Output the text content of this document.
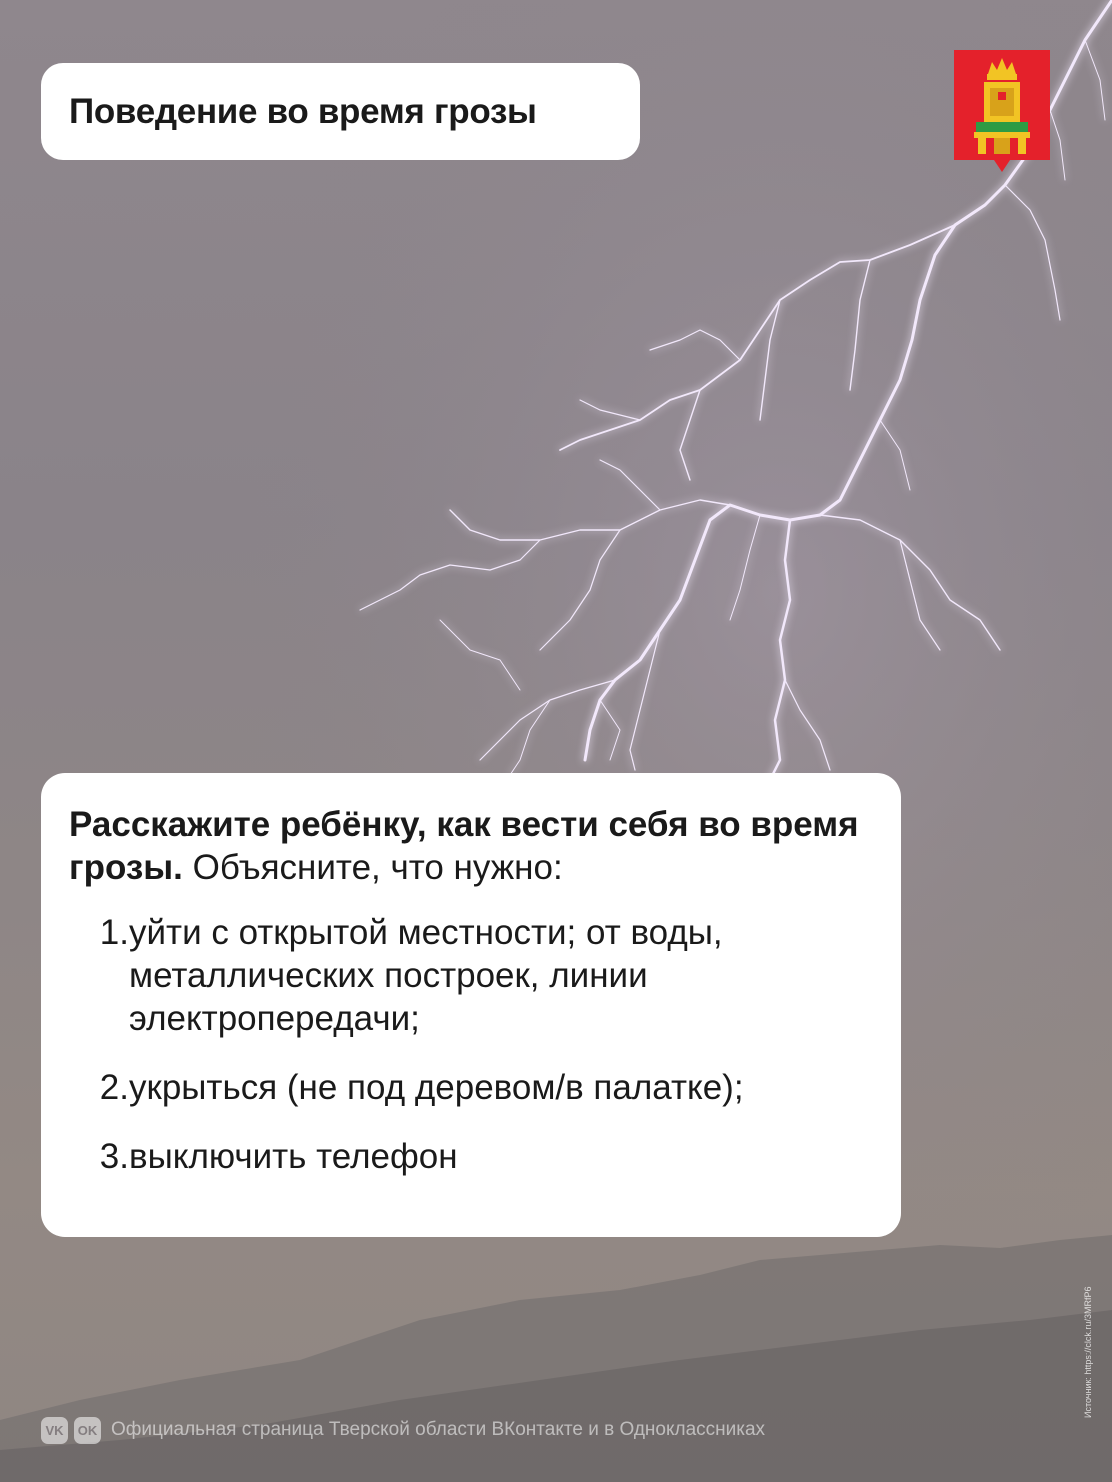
Поведение во время грозы

Расскажите ребёнку, как вести себя во время грозы. Объясните, что нужно:

1. уйти с открытой местности; от воды, металлических построек, линии электропередачи;
2. укрыться (не под деревом/в палатке);
3. выключить телефон
VK	OK Официальная страница Тверской области ВКонтакте и в Одноклассниках
Источник: https://clck.ru/3MRfP6
